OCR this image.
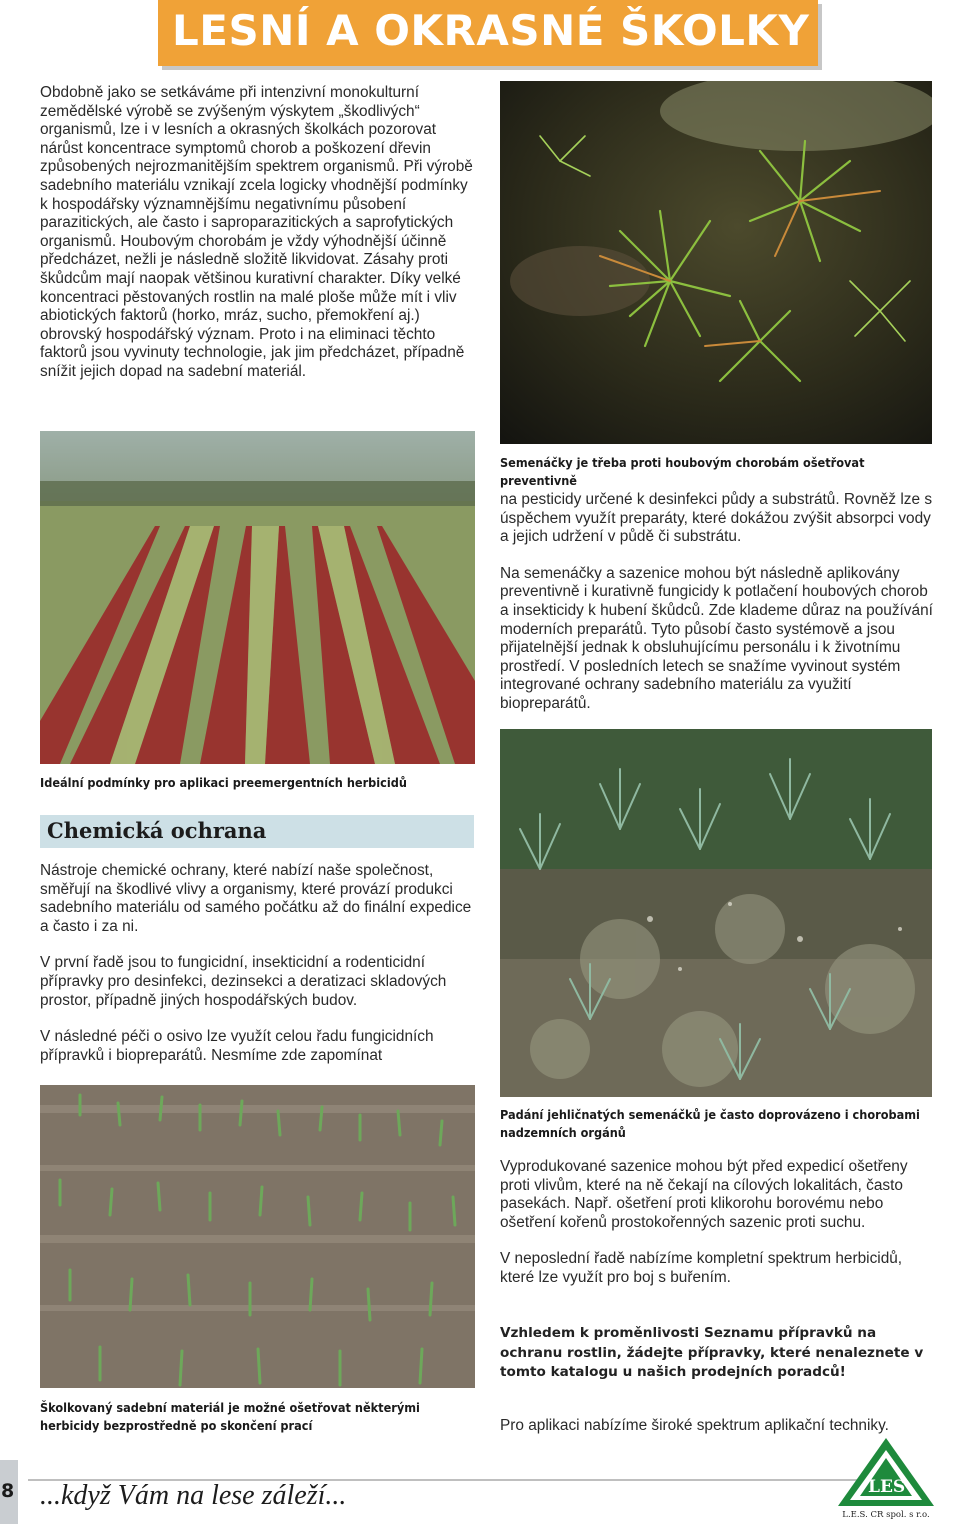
LESNÍ A OKRASNÉ ŠKOLKY

Obdobně jako se setkáváme při intenzivní monokulturní zemědělské výrobě se zvýšeným výskytem „škodlivých“ organismů, lze i v lesních a okrasných školkách pozorovat nárůst koncentrace symptomů chorob a poškození dřevin způsobených nejrozmanitějším spektrem organismů. Při výrobě sadebního materiálu vznikají zcela logicky vhodnější podmínky k hospodářsky významnějšímu negativnímu působení parazitických, ale často i saproparazitických a saprofytických organismů. Houbovým chorobám je vždy výhodnější účinně předcházet, nežli je následně složitě likvidovat. Zásahy proti škůdcům mají naopak většinou kurativní charakter. Díky velké koncentraci pěstovaných rostlin na malé ploše může mít i vliv abiotických faktorů (horko, mráz, sucho, přemokření aj.) obrovský hospodářský význam. Proto i na eliminaci těchto faktorů jsou vyvinuty technologie, jak jim předcházet, případně snížit jejich dopad na sadební materiál.

Semenáčky je třeba proti houbovým chorobám ošetřovat preventivně

na pesticidy určené k desinfekci půdy a substrátů. Rovněž lze s úspěchem využít preparáty, které dokážou zvýšit absorpci vody a jejich udržení v půdě či substrátu.

Na semenáčky a sazenice mohou být následně aplikovány preventivně i kurativně fungicidy k potlačení houbových chorob a insekticidy k hubení škůdců. Zde klademe důraz na používání moderních preparátů. Tyto působí často systémově a jsou přijatelnější jednak k obsluhujícímu personálu i k životnímu prostředí. V posledních letech se snažíme vyvinout systém integrované ochrany sadebního materiálu za využití biopreparátů.

Ideální podmínky pro aplikaci preemergentních herbicidů
Chemická ochrana

Nástroje chemické ochrany, které nabízí naše společnost, směřují na škodlivé vlivy a organismy, které provází produkci sadebního materiálu od samého počátku až do finální expedice a často i za ni.

V první řadě jsou to fungicidní, insekticidní a rodenticidní přípravky pro desinfekci, dezinsekci a deratizaci skladových prostor, případně jiných hospodářských budov.

V následné péči o osivo lze využít celou řadu fungicidních přípravků i biopreparátů. Nesmíme zde zapomínat

Padání jehličnatých semenáčků je často doprovázeno i chorobami nadzemních orgánů

Vyprodukované sazenice mohou být před expedicí ošetřeny proti vlivům, které na ně čekají na cílových lokalitách, často pasekách. Např. ošetření proti klikorohu borovému nebo ošetření kořenů prostokořenných sazenic proti suchu.

V neposlední řadě nabízíme kompletní spektrum herbicidů, které lze využít pro boj s buřením.

Vzhledem k proměnlivosti Seznamu přípravků na ochranu rostlin, žádejte přípravky, které nenaleznete v tomto katalogu u našich prodejních poradců!
Pro aplikaci nabízíme široké spektrum aplikační techniky.
Školkovaný sadební materiál je možné ošetřovat některými herbicidy bezprostředně po skončení prací
8 ...když Vám na lese záleží...	LES
L.E.S. CR spol. s r.o.
